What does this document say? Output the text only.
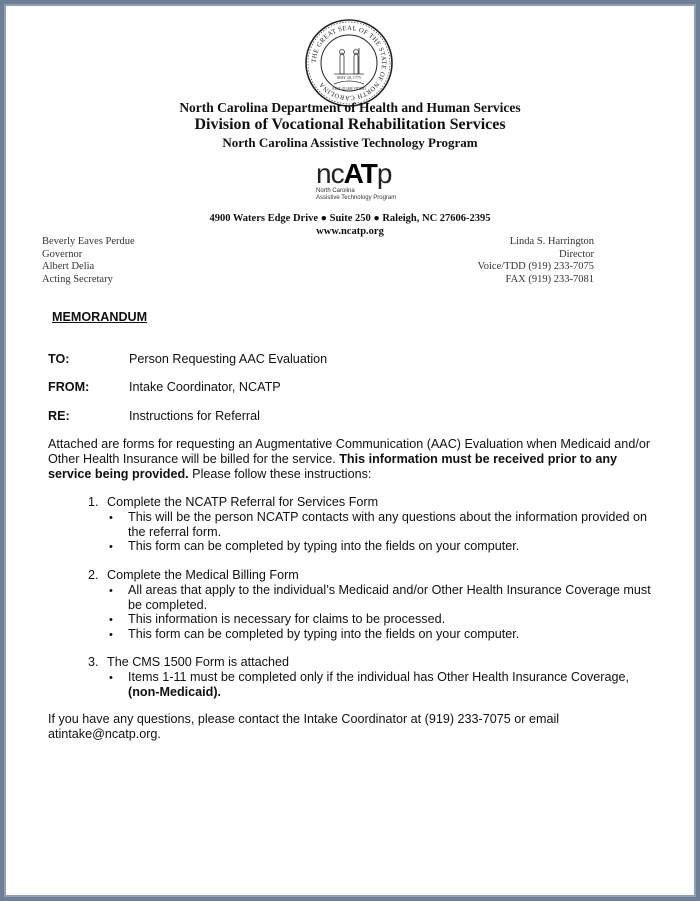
THE GREAT SEAL OF THE STATE OF NORTH CAROLINA
MAY 20, 1775
ESSE QUAM VIDERI
North Carolina Department of Health and Human Services
Division of Vocational Rehabilitation Services
North Carolina Assistive Technology Program
ncATp
North Carolina
Assistive Technology Program
4900 Waters Edge Drive ● Suite 250 ● Raleigh, NC 27606-2395
www.ncatp.org
Beverly Eaves Perdue
Governor
Albert Delia
Acting Secretary
Linda S. Harrington
Director
Voice/TDD (919) 233-7075
FAX (919) 233-7081
MEMORANDUM
TO:	Person Requesting AAC Evaluation
FROM:	Intake Coordinator, NCATP
RE:	Instructions for Referral
Attached are forms for requesting an Augmentative Communication (AAC) Evaluation when Medicaid and/or
Other Health Insurance will be billed for the service. This information must be received prior to any
service being provided. Please follow these instructions:
1. Complete the NCATP Referral for Services Form
• This will be the person NCATP contacts with any questions about the information provided on
the referral form.
• This form can be completed by typing into the fields on your computer.
2. Complete the Medical Billing Form
• All areas that apply to the individual’s Medicaid and/or Other Health Insurance Coverage must
be completed.
• This information is necessary for claims to be processed.
• This form can be completed by typing into the fields on your computer.
3. The CMS 1500 Form is attached
• Items 1-11 must be completed only if the individual has Other Health Insurance Coverage,
(non-Medicaid).
If you have any questions, please contact the Intake Coordinator at (919) 233-7075 or email
atintake@ncatp.org.
